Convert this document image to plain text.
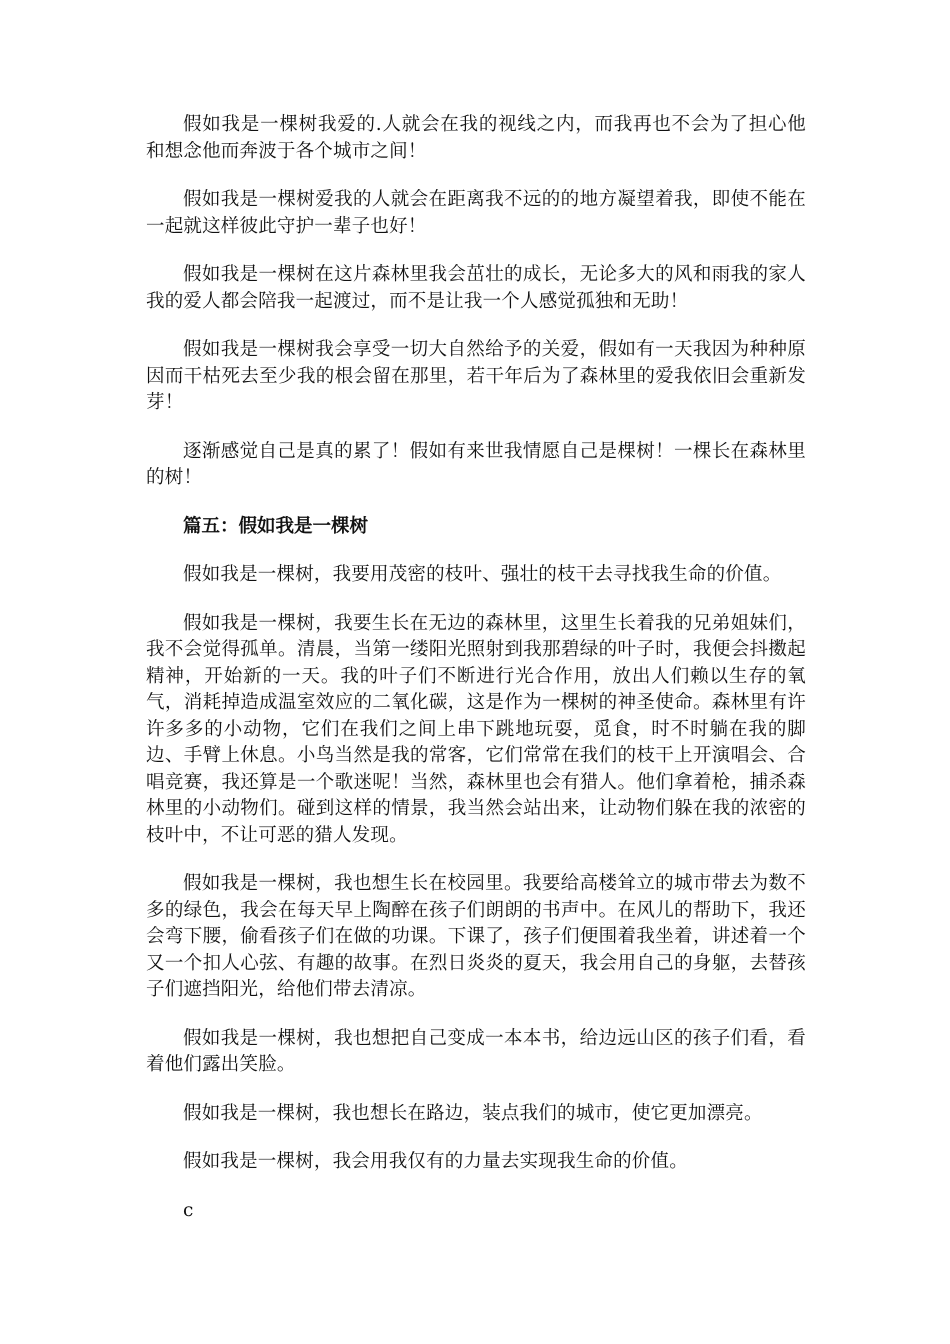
假如我是一棵树我爱的.人就会在我的视线之内，而我再也不会为了担心他和想念他而奔波于各个城市之间！

假如我是一棵树爱我的人就会在距离我不远的的地方凝望着我，即使不能在一起就这样彼此守护一辈子也好！

假如我是一棵树在这片森林里我会茁壮的成长，无论多大的风和雨我的家人我的爱人都会陪我一起渡过，而不是让我一个人感觉孤独和无助！

假如我是一棵树我会享受一切大自然给予的关爱，假如有一天我因为种种原因而干枯死去至少我的根会留在那里，若干年后为了森林里的爱我依旧会重新发芽！

逐渐感觉自己是真的累了！假如有来世我情愿自己是棵树！一棵长在森林里的树！

篇五：假如我是一棵树

假如我是一棵树，我要用茂密的枝叶、强壮的枝干去寻找我生命的价值。

假如我是一棵树，我要生长在无边的森林里，这里生长着我的兄弟姐妹们，我不会觉得孤单。清晨，当第一缕阳光照射到我那碧绿的叶子时，我便会抖擞起精神，开始新的一天。我的叶子们不断进行光合作用，放出人们赖以生存的氧气，消耗掉造成温室效应的二氧化碳，这是作为一棵树的神圣使命。森林里有许许多多的小动物，它们在我们之间上串下跳地玩耍，觅食，时不时躺在我的脚边、手臂上休息。小鸟当然是我的常客，它们常常在我们的枝干上开演唱会、合唱竞赛，我还算是一个歌迷呢！当然，森林里也会有猎人。他们拿着枪，捕杀森林里的小动物们。碰到这样的情景，我当然会站出来，让动物们躲在我的浓密的枝叶中，不让可恶的猎人发现。

假如我是一棵树，我也想生长在校园里。我要给高楼耸立的城市带去为数不多的绿色，我会在每天早上陶醉在孩子们朗朗的书声中。在风儿的帮助下，我还会弯下腰，偷看孩子们在做的功课。下课了，孩子们便围着我坐着，讲述着一个又一个扣人心弦、有趣的故事。在烈日炎炎的夏天，我会用自己的身躯，去替孩子们遮挡阳光，给他们带去清凉。

假如我是一棵树，我也想把自己变成一本本书，给边远山区的孩子们看，看着他们露出笑脸。

假如我是一棵树，我也想长在路边，装点我们的城市，使它更加漂亮。

假如我是一棵树，我会用我仅有的力量去实现我生命的价值。

c
